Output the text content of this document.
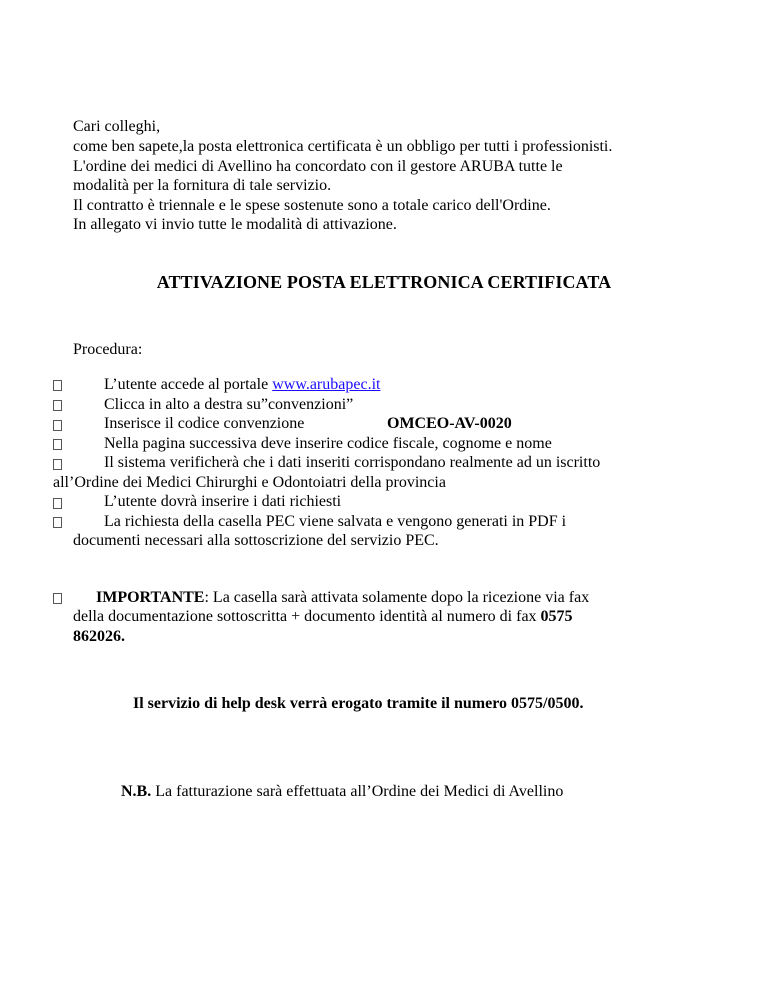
Cari colleghi,
come ben sapete,la posta elettronica certificata è un obbligo per tutti i professionisti.
L'ordine dei medici di Avellino ha concordato con il gestore ARUBA tutte le
modalità per la fornitura di tale servizio.
Il contratto è triennale e le spese sostenute sono a totale carico dell'Ordine.
In allegato vi invio tutte le modalità di attivazione.
ATTIVAZIONE POSTA ELETTRONICA CERTIFICATA
Procedura:
L’utente accede al portale www.arubapec.it
Clicca in alto a destra su”convenzioni”
Inserisce il codice convenzione	OMCEO-AV-0020
Nella pagina successiva deve inserire codice fiscale, cognome e nome
Il sistema verificherà che i dati inseriti corrispondano realmente ad un iscritto
all’Ordine dei Medici Chirurghi e Odontoiatri della provincia
L’utente dovrà inserire i dati richiesti
La richiesta della casella PEC viene salvata e vengono generati in PDF i
documenti necessari alla sottoscrizione del servizio PEC.
IMPORTANTE: La casella sarà attivata solamente dopo la ricezione via fax
della documentazione sottoscritta + documento identità al numero di fax 0575
862026.
Il servizio di help desk verrà erogato tramite il numero 0575/0500.
N.B. La fatturazione sarà effettuata all’Ordine dei Medici di Avellino
